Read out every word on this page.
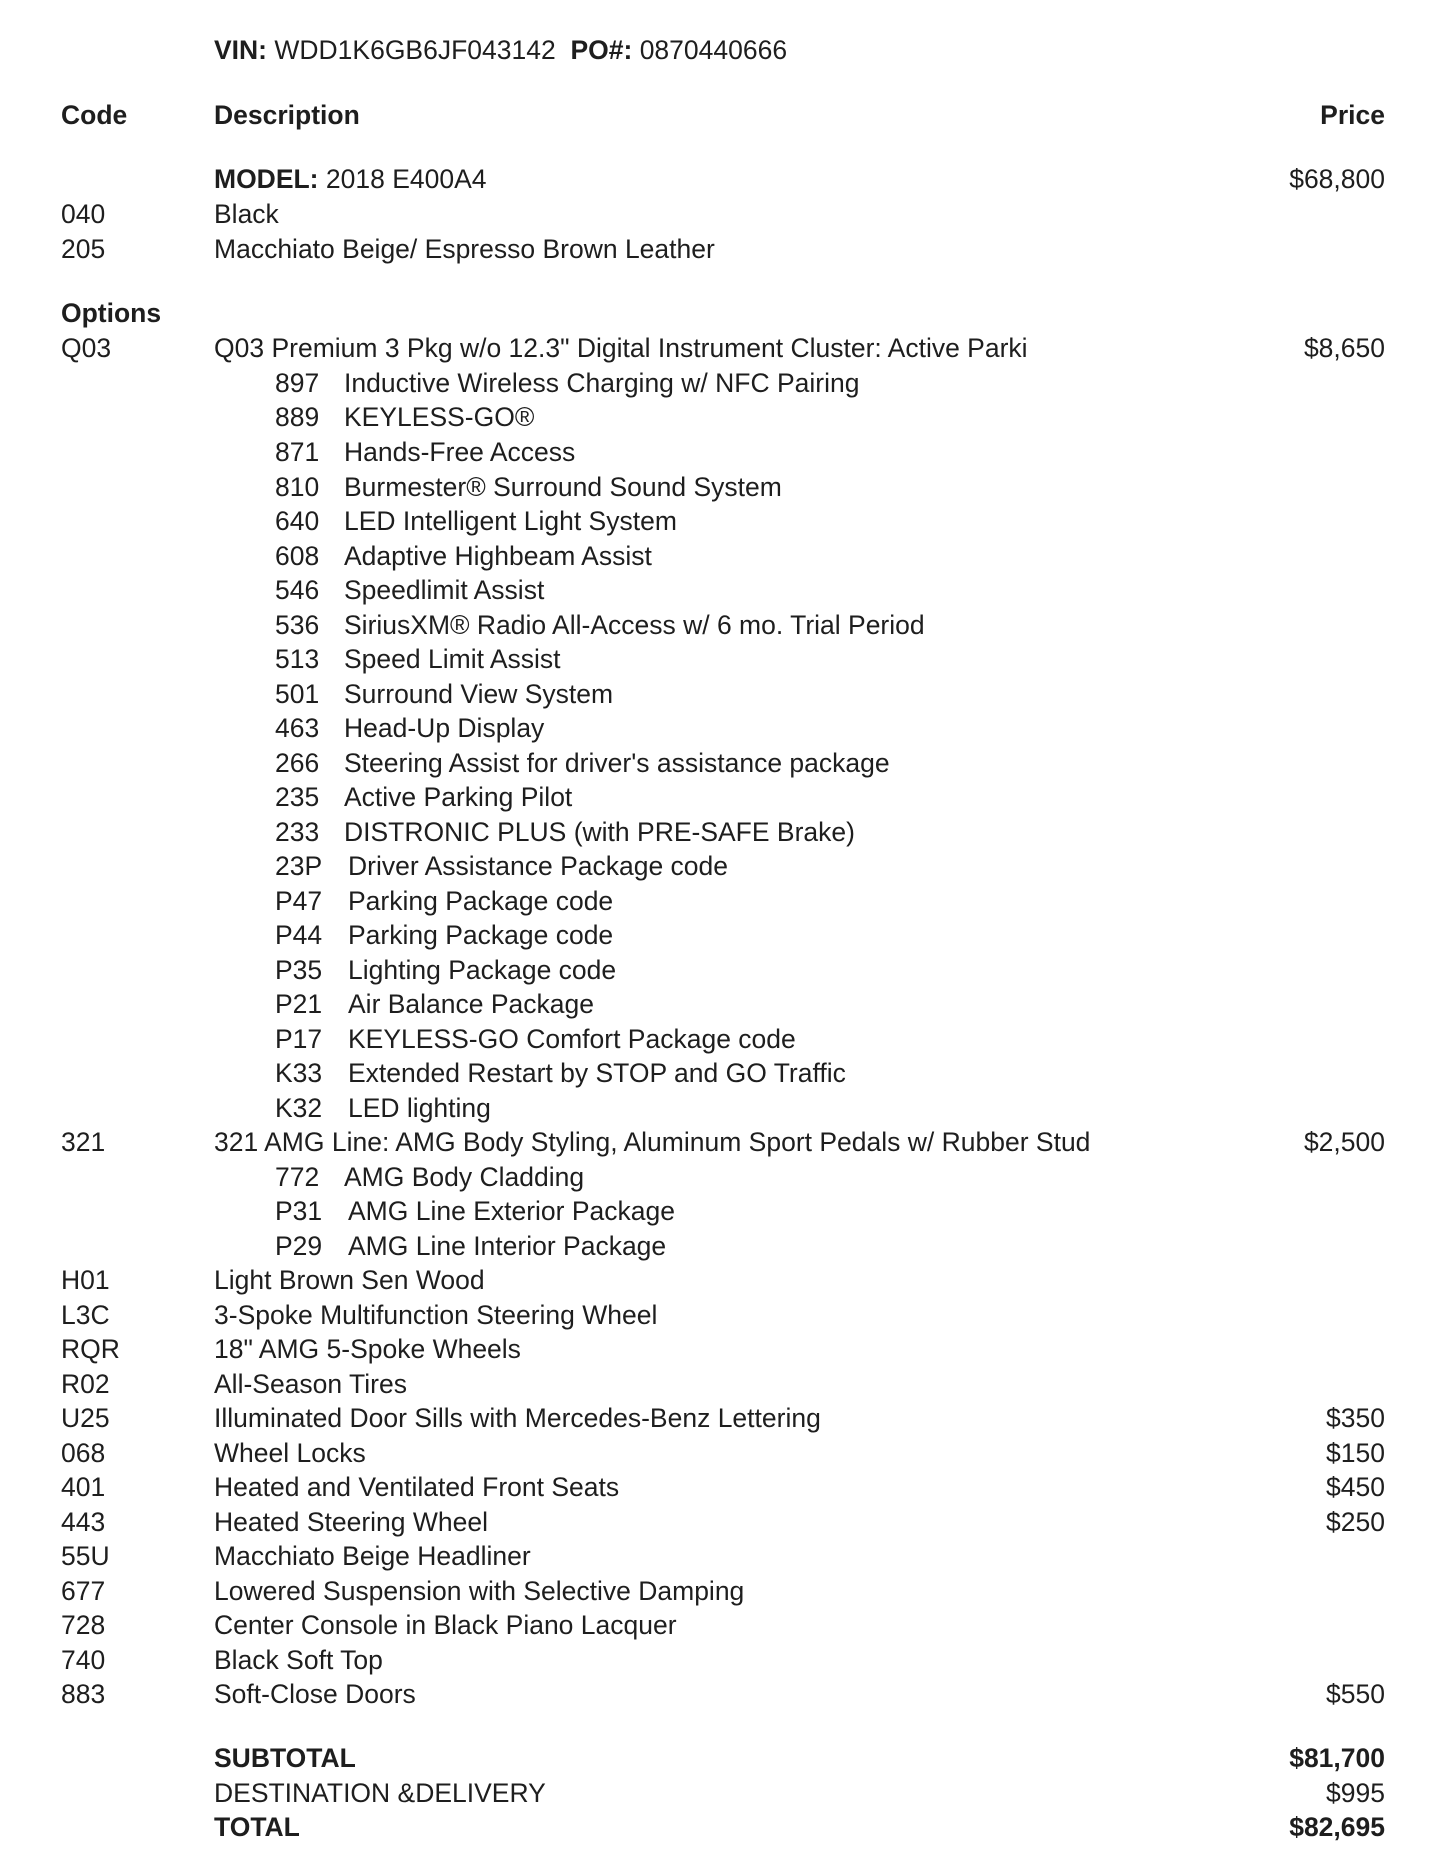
VIN: WDD1K6GB6JF043142 PO#: 0870440666
Code	Description	Price
MODEL: 2018 E400A4	$68,800
040	Black
205	Macchiato Beige/ Espresso Brown Leather
Options
Q03	Q03 Premium 3 Pkg w/o 12.3" Digital Instrument Cluster: Active Parki	$8,650
897 Inductive Wireless Charging w/ NFC Pairing
889 KEYLESS-GO®
871 Hands-Free Access
810 Burmester® Surround Sound System
640 LED Intelligent Light System
608 Adaptive Highbeam Assist
546 Speedlimit Assist
536 SiriusXM® Radio All-Access w/ 6 mo. Trial Period
513 Speed Limit Assist
501 Surround View System
463 Head-Up Display
266 Steering Assist for driver's assistance package
235 Active Parking Pilot
233 DISTRONIC PLUS (with PRE-SAFE Brake)
23P Driver Assistance Package code
P47 Parking Package code
P44 Parking Package code
P35 Lighting Package code
P21 Air Balance Package
P17 KEYLESS-GO Comfort Package code
K33 Extended Restart by STOP and GO Traffic
K32 LED lighting
321	321 AMG Line: AMG Body Styling, Aluminum Sport Pedals w/ Rubber Stud	$2,500
772 AMG Body Cladding
P31 AMG Line Exterior Package
P29 AMG Line Interior Package
H01	Light Brown Sen Wood
L3C	3-Spoke Multifunction Steering Wheel
RQR	18" AMG 5-Spoke Wheels
R02	All-Season Tires
U25	Illuminated Door Sills with Mercedes-Benz Lettering	$350
068	Wheel Locks	$150
401	Heated and Ventilated Front Seats	$450
443	Heated Steering Wheel	$250
55U	Macchiato Beige Headliner
677	Lowered Suspension with Selective Damping
728	Center Console in Black Piano Lacquer
740	Black Soft Top
883	Soft-Close Doors	$550
SUBTOTAL	$81,700
DESTINATION &DELIVERY	$995
TOTAL	$82,695
